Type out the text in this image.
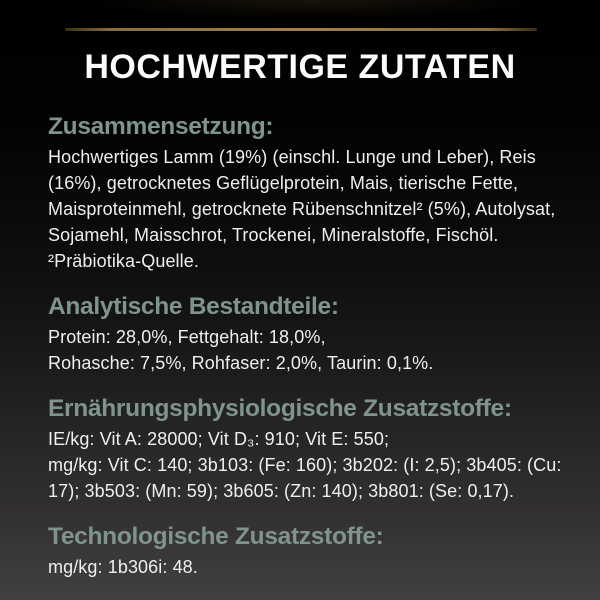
HOCHWERTIGE ZUTATEN
Zusammensetzung:
Hochwertiges Lamm (19%) (einschl. Lunge und Leber), Reis
(16%), getrocknetes Geflügelprotein, Mais, tierische Fette,
Maisproteinmehl, getrocknete Rübenschnitzel² (5%), Autolysat,
Sojamehl, Maisschrot, Trockenei, Mineralstoffe, Fischöl.
²Präbiotika-Quelle.
Analytische Bestandteile:
Protein: 28,0%, Fettgehalt: 18,0%,
Rohasche: 7,5%, Rohfaser: 2,0%, Taurin: 0,1%.
Ernährungsphysiologische Zusatzstoffe:
IE/kg: Vit A: 28000; Vit D₃: 910; Vit E: 550;
mg/kg: Vit C: 140; 3b103: (Fe: 160); 3b202: (I: 2,5); 3b405: (Cu:
17); 3b503: (Mn: 59); 3b605: (Zn: 140); 3b801: (Se: 0,17).
Technologische Zusatzstoffe:
mg/kg: 1b306i: 48.
